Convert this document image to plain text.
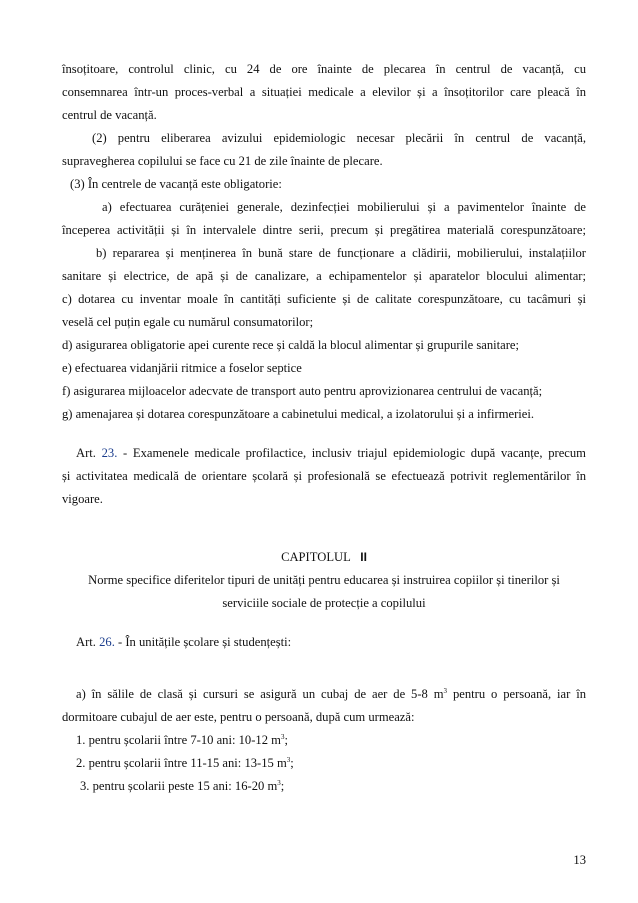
însoțitoare, controlul clinic, cu 24 de ore înainte de plecarea în centrul de vacanță, cu
consemnarea într-un proces-verbal a situației medicale a elevilor și a însoțitorilor care pleacă în
centrul de vacanță.
(2) pentru eliberarea avizului epidemiologic necesar plecării în centrul de vacanță,
supravegherea copilului se face cu 21 de zile înainte de plecare.
(3) În centrele de vacanță este obligatorie:
a) efectuarea curățeniei generale, dezinfecției mobilierului și a pavimentelor înainte de
începerea activității și în intervalele dintre serii, precum și pregătirea materială corespunzătoare;
b) repararea și menținerea în bună stare de funcționare a clădirii, mobilierului, instalațiilor
sanitare și electrice, de apă și de canalizare, a echipamentelor și aparatelor blocului alimentar;
c) dotarea cu inventar moale în cantități suficiente și de calitate corespunzătoare, cu tacâmuri și
veselă cel puțin egale cu numărul consumatorilor;
d) asigurarea obligatorie apei curente rece și caldă la blocul alimentar și grupurile sanitare;
e) efectuarea vidanjării ritmice a foselor septice
f) asigurarea mijloacelor adecvate de transport auto pentru aprovizionarea centrului de vacanță;
g) amenajarea și dotarea corespunzătoare a cabinetului medical, a izolatorului și a infirmeriei.
Art. 23. - Examenele medicale profilactice, inclusiv triajul epidemiologic după vacanțe, precum
și activitatea medicală de orientare școlară și profesională se efectuează potrivit reglementărilor în
vigoare.
CAPITOLUL II
Norme specifice diferitelor tipuri de unități pentru educarea și instruirea copiilor și tinerilor și
serviciile sociale de protecție a copilului
Art. 26. - În unitățile școlare și studențești:
a) în sălile de clasă și cursuri se asigură un cubaj de aer de 5-8 $m^3$ pentru o persoană, iar în
dormitoare cubajul de aer este, pentru o persoană, după cum urmează:
1. pentru școlarii între 7-10 ani: 10-12 $m^3$;
2. pentru școlarii între 11-15 ani: 13-15 $m^3$;
3. pentru școlarii peste 15 ani: 16-20 $m^3$;
13
